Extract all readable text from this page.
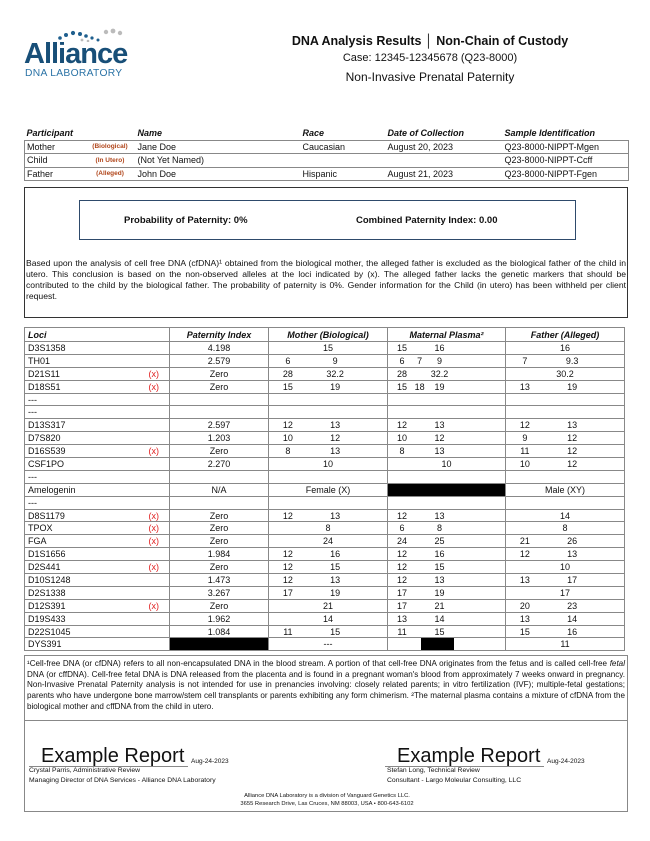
Alliance
DNA LABORATORY
DNA Analysis Results │ Non-Chain of Custody
Case: 12345-12345678 (Q23-8000)
Non-Invasive Prenatal Paternity
Participant		Name	Race	Date of Collection	Sample Identification
Mother	(Biological)	Jane Doe	Caucasian	August 20, 2023	Q23-8000-NIPPT-Mgen
Child	(In Utero)	(Not Yet Named)			Q23-8000-NIPPT-Ccff
Father	(Alleged)	John Doe	Hispanic	August 21, 2023	Q23-8000-NIPPT-Fgen
Probability of Paternity: 0%	Combined Paternity Index: 0.00
Based upon the analysis of cell free DNA (cfDNA)¹ obtained from the biological mother, the alleged father is excluded as the biological father of the child in utero. This conclusion is based on the non-observed alleles at the loci indicated by (x). The alleged father lacks the genetic markers that should be contributed to the child by the biological father. The probability of paternity is 0%. Gender information for the Child (in utero) has been withheld per client request.
Loci	Paternity Index	Mother (Biological)	Maternal Plasma²	Father (Alleged)

D3S1358	4.198	15	15 16	16

TH01	2.579	6 9	6 7 9	7 9.3

D21S11 (x)	Zero	28 32.2	28 32.2	30.2

D18S51 (x)	Zero	15 19	15 18 19	13 19

---				

---				

D13S317	2.597	12 13	12 13	12 13

D7S820	1.203	10 12	10 12	9 12

D16S539 (x)	Zero	8 13	8 13	11 12

CSF1PO	2.270	10	10	10 12

---				

Amelogenin	N/A	Female (X)		Male (XY)

---				

D8S1179 (x)	Zero	12 13	12 13	14

TPOX (x)	Zero	8	6 8	8

FGA (x)	Zero	24	24 25	21 26

D1S1656	1.984	12 16	12 16	12 13

D2S441 (x)	Zero	12 15	12 15	10

D10S1248	1.473	12 13	12 13	13 17

D2S1338	3.267	17 19	17 19	17

D12S391 (x)	Zero	21	17 21	20 23

D19S433	1.962	14	13 14	13 14

D22S1045	1.084	11 15	11 15	15 16

DYS391		---		11
¹Cell-free DNA (or cfDNA) refers to all non-encapsulated DNA in the blood stream. A portion of that cell-free DNA originates from the fetus and is called cell-free fetal DNA (or cffDNA). Cell-free fetal DNA is DNA released from the placenta and is found in a pregnant woman's blood from approximately 7 weeks onward in pregnancy. Non-Invasive Prenatal Paternity analysis is not intended for use in prenancies involving: closely related parents; in vitro fertilization (IVF); multiple-fetal gestations; parents who have undergone bone marrow/stem cell transplants or parents exhibiting any form chimerism. ²The maternal plasma contains a mixture of cfDNA from the biological mother and cffDNA from the child in utero.
Example Report	Aug-24-2023
Crystal Parris, Administrative Review
Managing Director of DNA Services - Alliance DNA Laboratory
Example Report	Aug-24-2023
Stefan Long, Technical Review
Consultant - Largo Moleular Consulting, LLC
Alliance DNA Laboratory is a division of Vanguard Genetics LLC.
3655 Research Drive, Las Cruces, NM 88003, USA • 800-643-6102
